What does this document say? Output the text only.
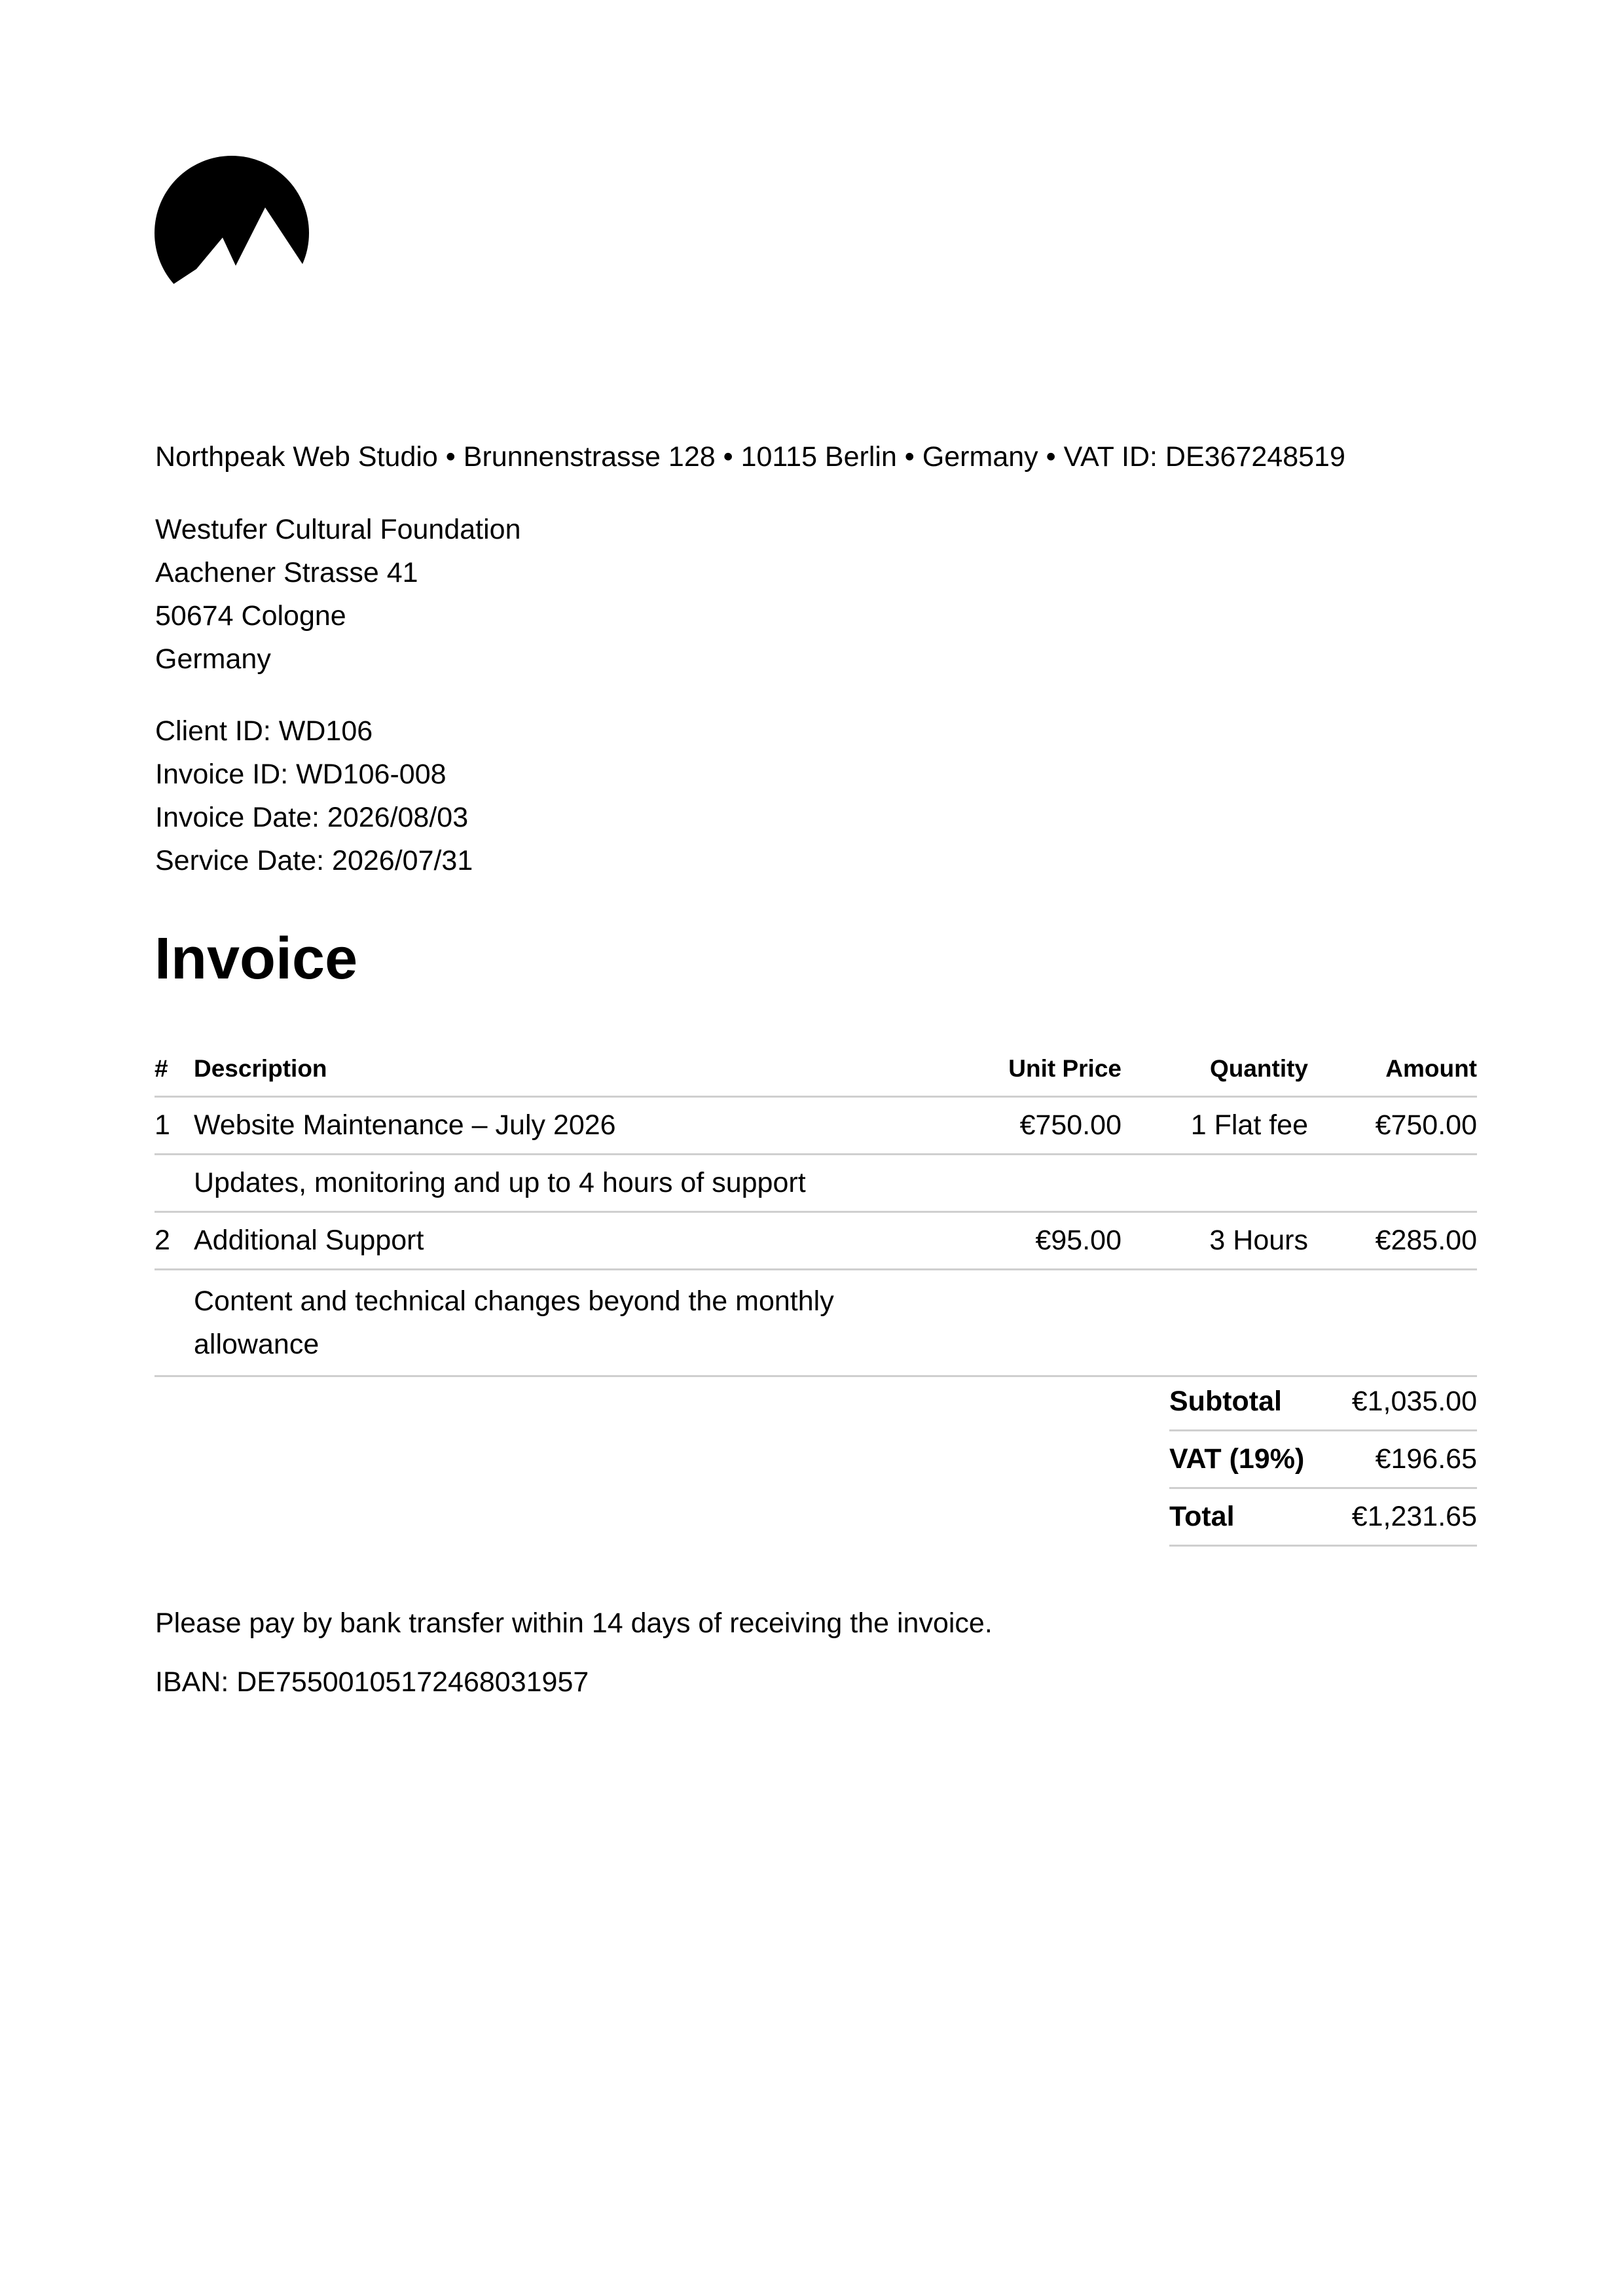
Northpeak Web Studio • Brunnenstrasse 128 • 10115 Berlin • Germany • VAT ID: DE367248519
Westufer Cultural Foundation
Aachener Strasse 41
50674 Cologne
Germany
Client ID: WD106
Invoice ID: WD106-008
Invoice Date: 2026/08/03
Service Date: 2026/07/31
Invoice
#	Description	Unit Price	Quantity	Amount
1	Website Maintenance – July 2026	€750.00	1 Flat fee	€750.00
	Updates, monitoring and up to 4 hours of support			
2	Additional Support	€95.00	3 Hours	€285.00

	Content and technical changes beyond the monthly allowance			

Subtotal	€1,035.00
VAT (19%)	€196.65
Total	€1,231.65
Please pay by bank transfer within 14 days of receiving the invoice.
IBAN: DE75500105172468031957
